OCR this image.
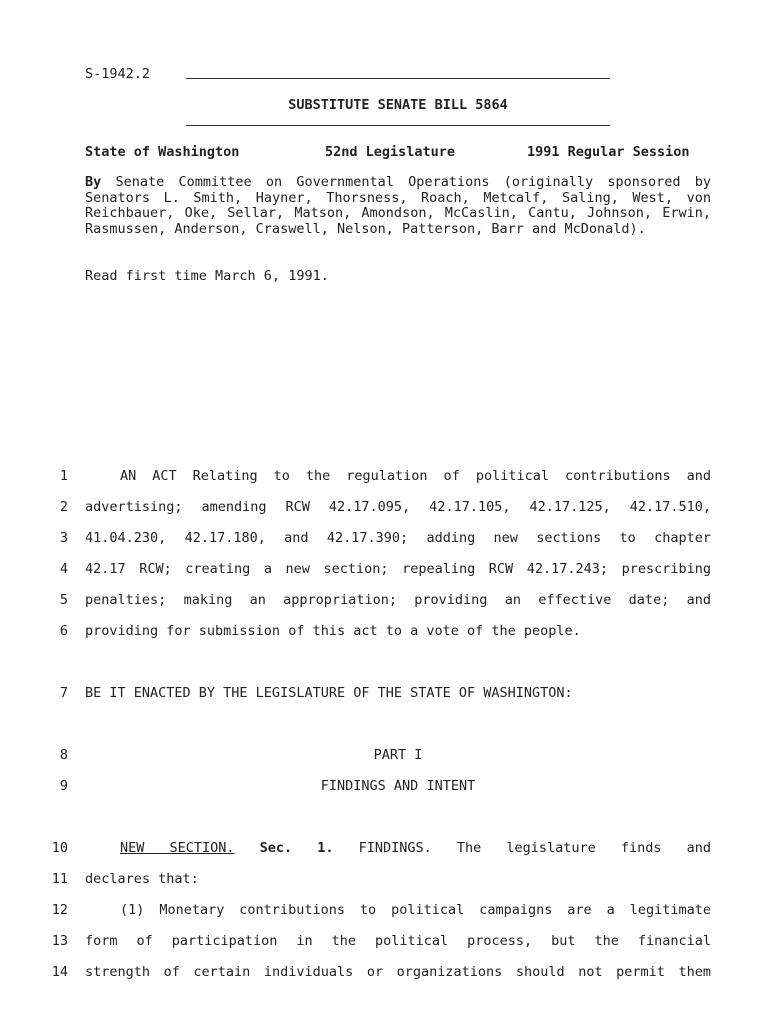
S-1942.2
SUBSTITUTE SENATE BILL 5864
State of Washington	52nd Legislature	1991 Regular Session
By Senate Committee on Governmental Operations (originally sponsored by Senators L. Smith, Hayner, Thorsness, Roach, Metcalf, Saling, West, von Reichbauer, Oke, Sellar, Matson, Amondson, McCaslin, Cantu, Johnson, Erwin, Rasmussen, Anderson, Craswell, Nelson, Patterson, Barr and McDonald).
Read first time March 6, 1991.
1
2
3
4
5
6
7
8
9
10
11
12
13
14
AN ACT Relating to the regulation of political contributions and
advertising; amending RCW 42.17.095, 42.17.105, 42.17.125, 42.17.510,
41.04.230, 42.17.180, and 42.17.390; adding new sections to chapter
42.17 RCW; creating a new section; repealing RCW 42.17.243; prescribing
penalties; making an appropriation; providing an effective date; and
providing for submission of this act to a vote of the people.
BE IT ENACTED BY THE LEGISLATURE OF THE STATE OF WASHINGTON:
PART I
FINDINGS AND INTENT
NEW SECTION. Sec. 1. FINDINGS. The legislature finds and
declares that:
(1) Monetary contributions to political campaigns are a legitimate
form of participation in the political process, but the financial
strength of certain individuals or organizations should not permit them
